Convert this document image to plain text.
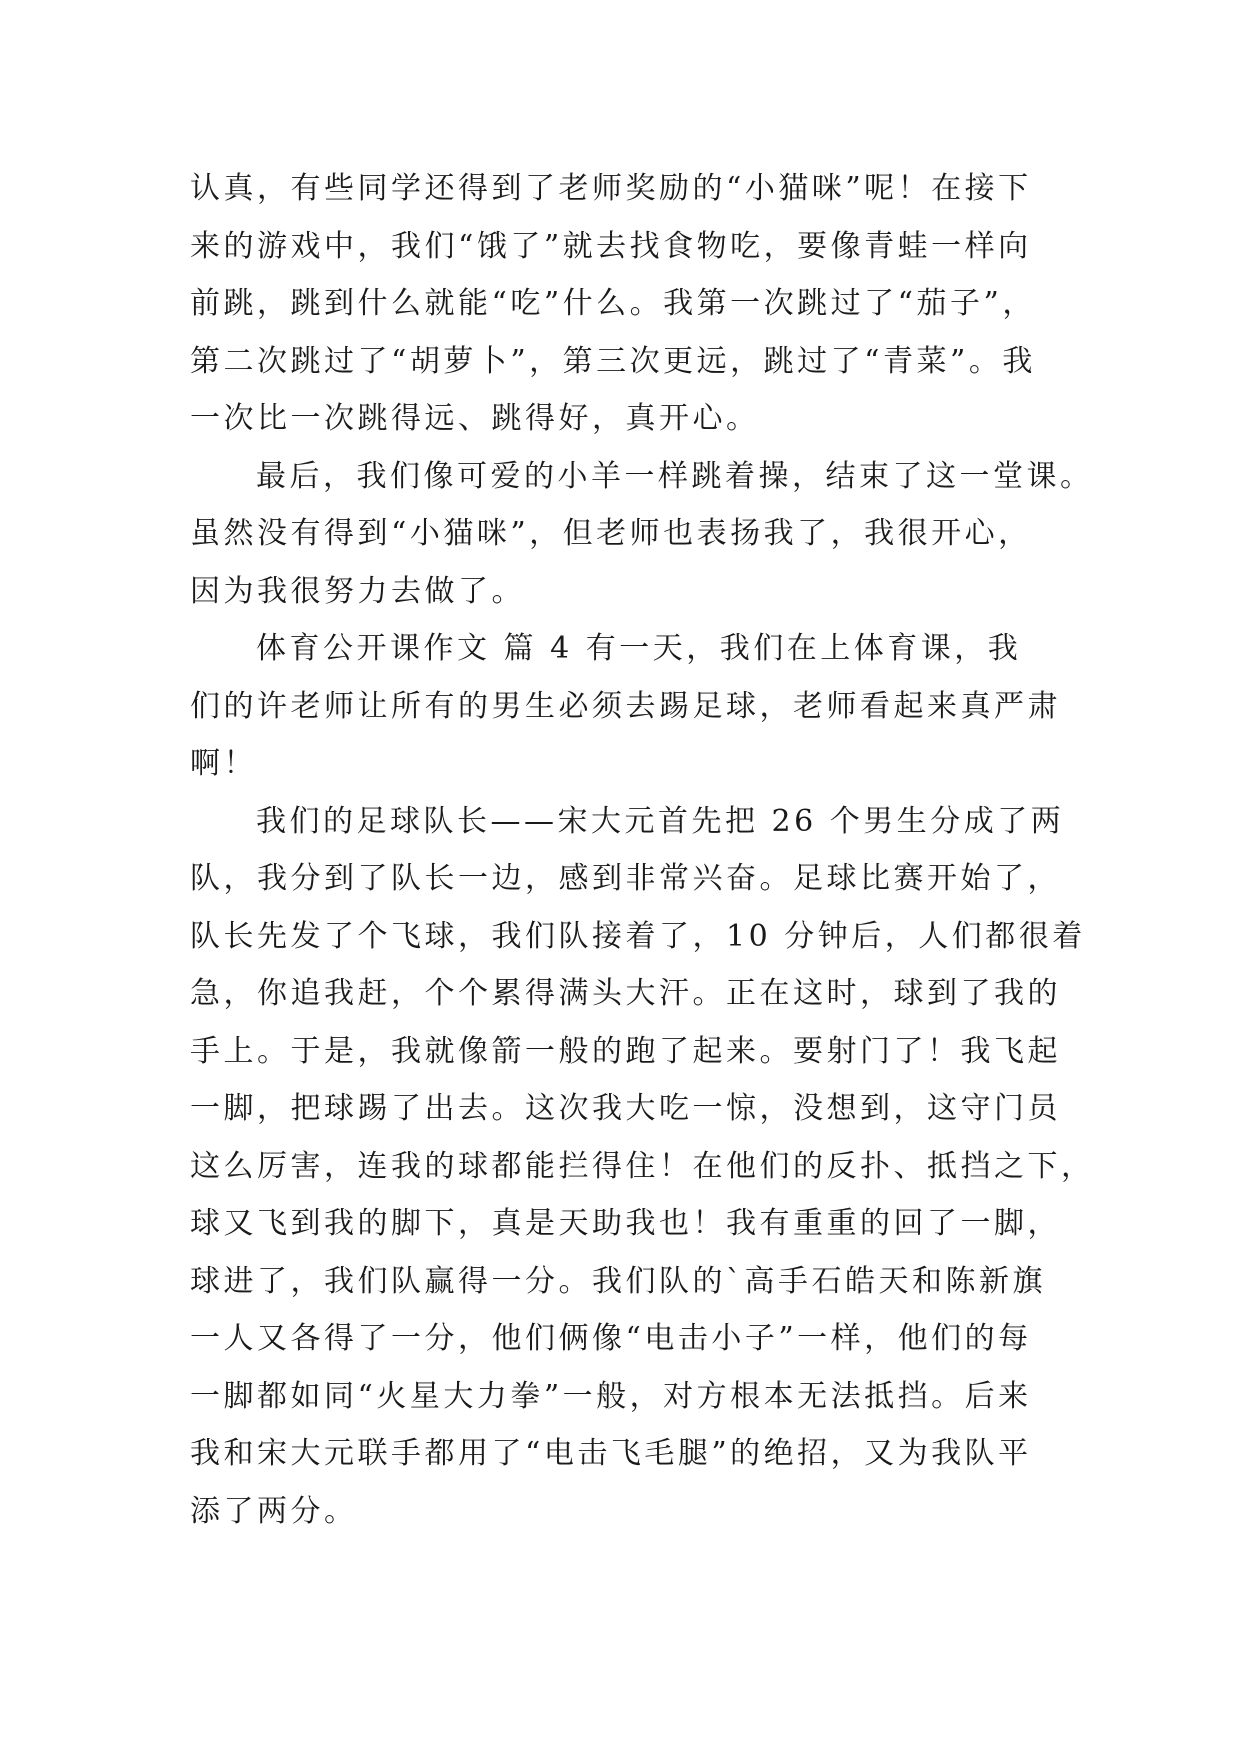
认真，有些同学还得到了老师奖励的“小猫咪”呢！在接下
来的游戏中，我们“饿了”就去找食物吃，要像青蛙一样向
前跳，跳到什么就能“吃”什么。我第一次跳过了“茄子”，
第二次跳过了“胡萝卜”，第三次更远，跳过了“青菜”。我
一次比一次跳得远、跳得好，真开心。
最后，我们像可爱的小羊一样跳着操，结束了这一堂课。
虽然没有得到“小猫咪”，但老师也表扬我了，我很开心，
因为我很努力去做了。
体育公开课作文 篇 4 有一天，我们在上体育课，我
们的许老师让所有的男生必须去踢足球，老师看起来真严肃
啊！
我们的足球队长——宋大元首先把 26 个男生分成了两
队，我分到了队长一边，感到非常兴奋。足球比赛开始了，
队长先发了个飞球，我们队接着了，10 分钟后，人们都很着
急，你追我赶，个个累得满头大汗。正在这时，球到了我的
手上。于是，我就像箭一般的跑了起来。要射门了！我飞起
一脚，把球踢了出去。这次我大吃一惊，没想到，这守门员
这么厉害，连我的球都能拦得住！在他们的反扑、抵挡之下，
球又飞到我的脚下，真是天助我也！我有重重的回了一脚，
球进了，我们队赢得一分。我们队的`高手石皓天和陈新旗
一人又各得了一分，他们俩像“电击小子”一样，他们的每
一脚都如同“火星大力拳”一般，对方根本无法抵挡。后来
我和宋大元联手都用了“电击飞毛腿”的绝招，又为我队平
添了两分。
